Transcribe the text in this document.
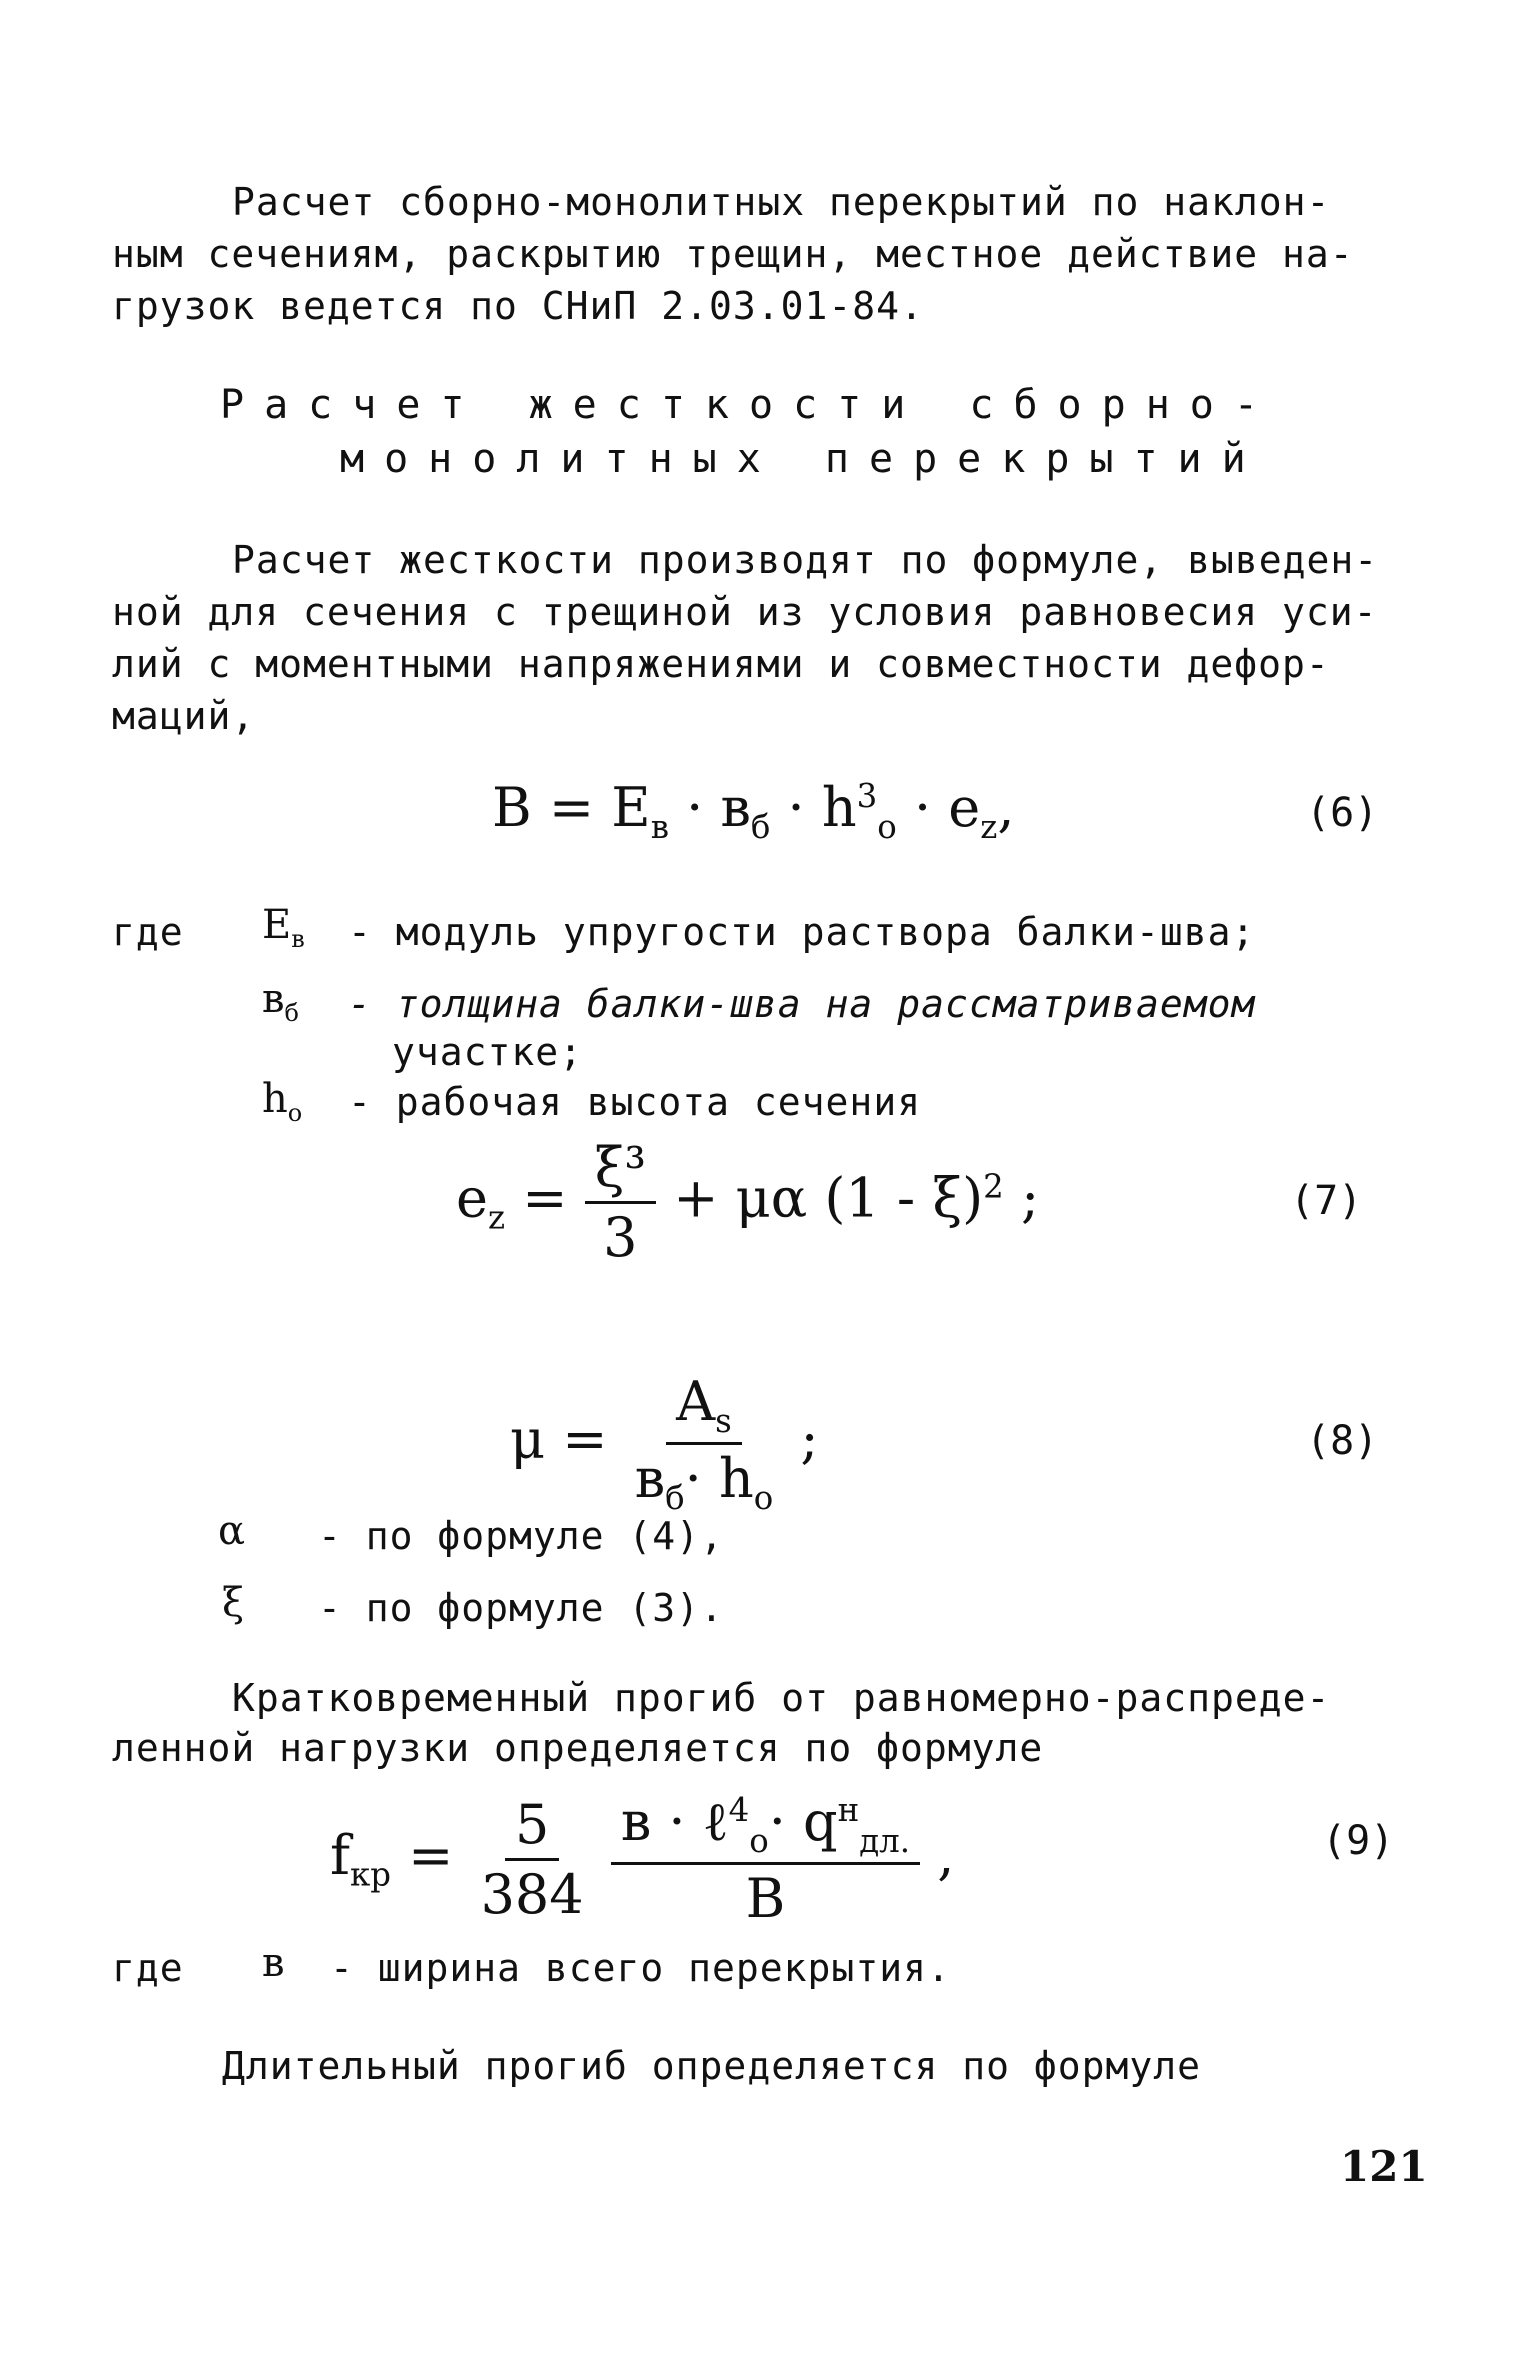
Расчет сборно-монолитных перекрытий по наклон-
ным сечениям, раскрытию трещин, местное действие на-
грузок ведется по СНиП 2.03.01-84.
Расчет жесткости сборно-
монолитных перекрытий
Расчет жесткости производят по формуле, выведен-
ной для сечения с трещиной из условия равновесия уси-
лий с моментными напряжениями и совместности дефор-
маций,
$B = E_в \cdot в_б \cdot h^3_о \cdot e_z$,	(6)
где $E_в$ - модуль упругости раствора балки-шва;
$в_б$ - толщина балки-шва на рассматриваемом
участке;
$h_о$ - рабочая высота сечения
$e_z = \frac{\text{ξ³}}{3} + \mu\alpha$ (1 - ξ)$^2$ ;	(7)
$\mu = \frac{A_s}{в_б\cdot h_о}$ ;	(8)
α - по формуле (4),
ξ - по формуле (3).
Кратковременный прогиб от равномерно-распреде-
ленной нагрузки определяется по формуле
$f_{кр} = \frac{5}{384}$
$\frac{в \cdot \ell^4_о\cdot q^н_{дл.}}{B}$ ,	(9)
где в - ширина всего перекрытия.
Длительный прогиб определяется по формуле
121
